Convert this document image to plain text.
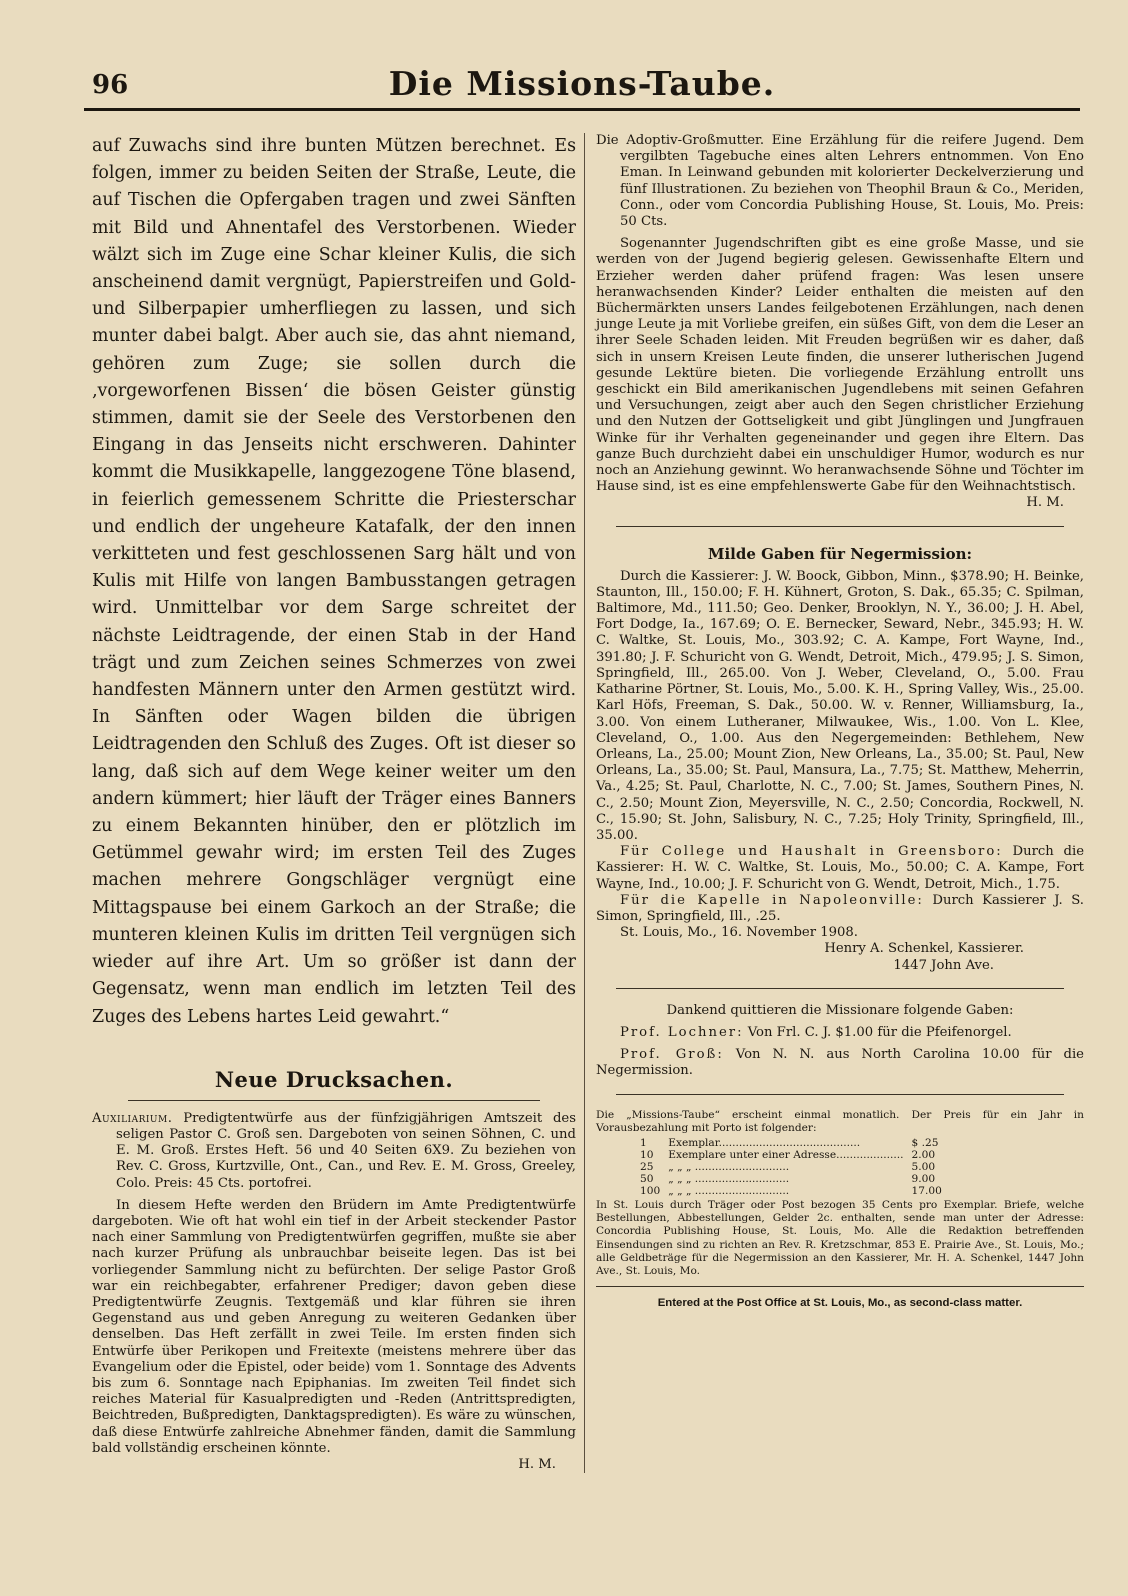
96	Die Missions-Taube.

auf Zuwachs sind ihre bunten Mützen berechnet. Es folgen, immer zu beiden Seiten der Straße, Leute, die auf Tischen die Opfergaben tragen und zwei Sänften mit Bild und Ahnentafel des Verstorbenen. Wieder wälzt sich im Zuge eine Schar kleiner Kulis, die sich anscheinend damit vergnügt, Papierstreifen und Gold- und Silberpapier umherfliegen zu lassen, und sich munter dabei balgt. Aber auch sie, das ahnt niemand, gehören zum Zuge; sie sollen durch die ‚vorgeworfenen Bissen‘ die bösen Geister günstig stimmen, damit sie der Seele des Verstorbenen den Eingang in das Jenseits nicht erschweren. Dahinter kommt die Musikkapelle, langgezogene Töne blasend, in feierlich gemessenem Schritte die Priesterschar und endlich der ungeheure Katafalk, der den innen verkitteten und fest geschlossenen Sarg hält und von Kulis mit Hilfe von langen Bambusstangen getragen wird. Unmittelbar vor dem Sarge schreitet der nächste Leidtragende, der einen Stab in der Hand trägt und zum Zeichen seines Schmerzes von zwei handfesten Männern unter den Armen gestützt wird. In Sänften oder Wagen bilden die übrigen Leidtragenden den Schluß des Zuges. Oft ist dieser so lang, daß sich auf dem Wege keiner weiter um den andern kümmert; hier läuft der Träger eines Banners zu einem Bekannten hinüber, den er plötzlich im Getümmel gewahr wird; im ersten Teil des Zuges machen mehrere Gongschläger vergnügt eine Mittagspause bei einem Garkoch an der Straße; die munteren kleinen Kulis im dritten Teil vergnügen sich wieder auf ihre Art. Um so größer ist dann der Gegensatz, wenn man endlich im letzten Teil des Zuges des Lebens hartes Leid gewahrt.“

Neue Drucksachen.

Auxiliarium. Predigtentwürfe aus der fünfzigjährigen Amtszeit des seligen Pastor C. Groß sen. Dargeboten von seinen Söhnen, C. und E. M. Groß. Erstes Heft. 56 und 40 Seiten 6X9. Zu beziehen von Rev. C. Gross, Kurtzville, Ont., Can., und Rev. E. M. Gross, Greeley, Colo. Preis: 45 Cts. portofrei.

In diesem Hefte werden den Brüdern im Amte Predigtentwürfe dargeboten. Wie oft hat wohl ein tief in der Arbeit steckender Pastor nach einer Sammlung von Predigtentwürfen gegriffen, mußte sie aber nach kurzer Prüfung als unbrauchbar beiseite legen. Das ist bei vorliegender Sammlung nicht zu befürchten. Der selige Pastor Groß war ein reichbegabter, erfahrener Prediger; davon geben diese Predigtentwürfe Zeugnis. Textgemäß und klar führen sie ihren Gegenstand aus und geben Anregung zu weiteren Gedanken über denselben. Das Heft zerfällt in zwei Teile. Im ersten finden sich Entwürfe über Perikopen und Freitexte (meistens mehrere über das Evangelium oder die Epistel, oder beide) vom 1. Sonntage des Advents bis zum 6. Sonntage nach Epiphanias. Im zweiten Teil findet sich reiches Material für Kasualpredigten und -Reden (Antrittspredigten, Beichtreden, Bußpredigten, Danktagspredigten). Es wäre zu wünschen, daß diese Entwürfe zahlreiche Abnehmer fänden, damit die Sammlung bald vollständig erscheinen könnte.

H. M.

Die Adoptiv-Großmutter. Eine Erzählung für die reifere Jugend. Dem vergilbten Tagebuche eines alten Lehrers entnommen. Von Eno Eman. In Leinwand gebunden mit kolorierter Deckelverzierung und fünf Illustrationen. Zu beziehen von Theophil Braun & Co., Meriden, Conn., oder vom Concordia Publishing House, St. Louis, Mo. Preis: 50 Cts.

Sogenannter Jugendschriften gibt es eine große Masse, und sie werden von der Jugend begierig gelesen. Gewissenhafte Eltern und Erzieher werden daher prüfend fragen: Was lesen unsere heranwachsenden Kinder? Leider enthalten die meisten auf den Büchermärkten unsers Landes feilgebotenen Erzählungen, nach denen junge Leute ja mit Vorliebe greifen, ein süßes Gift, von dem die Leser an ihrer Seele Schaden leiden. Mit Freuden begrüßen wir es daher, daß sich in unsern Kreisen Leute finden, die unserer lutherischen Jugend gesunde Lektüre bieten. Die vorliegende Erzählung entrollt uns geschickt ein Bild amerikanischen Jugendlebens mit seinen Gefahren und Versuchungen, zeigt aber auch den Segen christlicher Erziehung und den Nutzen der Gottseligkeit und gibt Jünglingen und Jungfrauen Winke für ihr Verhalten gegeneinander und gegen ihre Eltern. Das ganze Buch durchzieht dabei ein unschuldiger Humor, wodurch es nur noch an Anziehung gewinnt. Wo heranwachsende Söhne und Töchter im Hause sind, ist es eine empfehlenswerte Gabe für den Weihnachtstisch.

H. M.

Milde Gaben für Negermission:

Durch die Kassierer: J. W. Boock, Gibbon, Minn., $378.90; H. Beinke, Staunton, Ill., 150.00; F. H. Kühnert, Groton, S. Dak., 65.35; C. Spilman, Baltimore, Md., 111.50; Geo. Denker, Brooklyn, N. Y., 36.00; J. H. Abel, Fort Dodge, Ia., 167.69; O. E. Bernecker, Seward, Nebr., 345.93; H. W. C. Waltke, St. Louis, Mo., 303.92; C. A. Kampe, Fort Wayne, Ind., 391.80; J. F. Schuricht von G. Wendt, Detroit, Mich., 479.95; J. S. Simon, Springfield, Ill., 265.00. Von J. Weber, Cleveland, O., 5.00. Frau Katharine Pörtner, St. Louis, Mo., 5.00. K. H., Spring Valley, Wis., 25.00. Karl Höfs, Freeman, S. Dak., 50.00. W. v. Renner, Williamsburg, Ia., 3.00. Von einem Lutheraner, Milwaukee, Wis., 1.00. Von L. Klee, Cleveland, O., 1.00. Aus den Negergemeinden: Bethlehem, New Orleans, La., 25.00; Mount Zion, New Orleans, La., 35.00; St. Paul, New Orleans, La., 35.00; St. Paul, Mansura, La., 7.75; St. Matthew, Meherrin, Va., 4.25; St. Paul, Charlotte, N. C., 7.00; St. James, Southern Pines, N. C., 2.50; Mount Zion, Meyersville, N. C., 2.50; Concordia, Rockwell, N. C., 15.90; St. John, Salisbury, N. C., 7.25; Holy Trinity, Springfield, Ill., 35.00.

Für College und Haushalt in Greensboro: Durch die Kassierer: H. W. C. Waltke, St. Louis, Mo., 50.00; C. A. Kampe, Fort Wayne, Ind., 10.00; J. F. Schuricht von G. Wendt, Detroit, Mich., 1.75.

Für die Kapelle in Napoleonville: Durch Kassierer J. S. Simon, Springfield, Ill., .25.

St. Louis, Mo., 16. November 1908.

Henry A. Schenkel, Kassierer.

1447 John Ave.

Dankend quittieren die Missionare folgende Gaben:

Prof. Lochner: Von Frl. C. J. $1.00 für die Pfeifenorgel.

Prof. Groß: Von N. N. aus North Carolina 10.00 für die Negermission.

Die „Missions-Taube“ erscheint einmal monatlich. Der Preis für ein Jahr in Vorausbezahlung mit Porto ist folgender:

1	Exemplar..........................................	$ .25
10	Exemplare unter einer Adresse....................	2.00
25	„ „ „ ............................	5.00
50	„ „ „ ............................	9.00
100	„ „ „ ............................	17.00

In St. Louis durch Träger oder Post bezogen 35 Cents pro Exemplar. Briefe, welche Bestellungen, Abbestellungen, Gelder 2c. enthalten, sende man unter der Adresse: Concordia Publishing House, St. Louis, Mo. Alle die Redaktion betreffenden Einsendungen sind zu richten an Rev. R. Kretzschmar, 853 E. Prairie Ave., St. Louis, Mo.; alle Geldbeträge für die Negermission an den Kassierer, Mr. H. A. Schenkel, 1447 John Ave., St. Louis, Mo.

Entered at the Post Office at St. Louis, Mo., as second-class matter.
